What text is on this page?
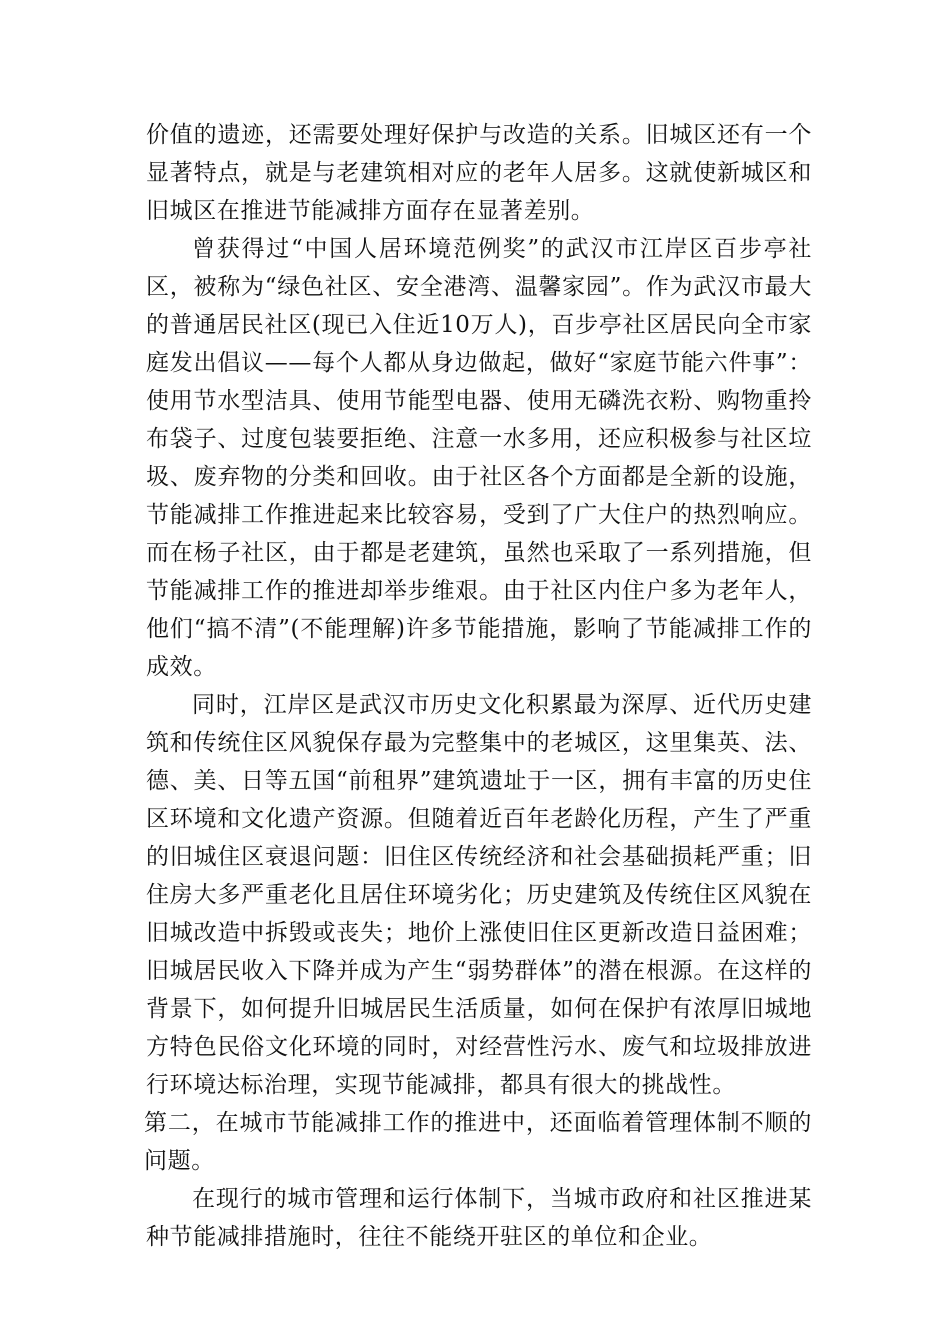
价值的遗迹，还需要处理好保护与改造的关系。旧城区还有一个显著特点，就是与老建筑相对应的老年人居多。这就使新城区和旧城区在推进节能减排方面存在显著差别。

曾获得过“中国人居环境范例奖”的武汉市江岸区百步亭社区，被称为“绿色社区、安全港湾、温馨家园”。作为武汉市最大的普通居民社区(现已入住近10万人)，百步亭社区居民向全市家庭发出倡议——每个人都从身边做起，做好“家庭节能六件事”：使用节水型洁具、使用节能型电器、使用无磷洗衣粉、购物重拎布袋子、过度包装要拒绝、注意一水多用，还应积极参与社区垃圾、废弃物的分类和回收。由于社区各个方面都是全新的设施，节能减排工作推进起来比较容易，受到了广大住户的热烈响应。而在杨子社区，由于都是老建筑，虽然也采取了一系列措施，但节能减排工作的推进却举步维艰。由于社区内住户多为老年人，他们“搞不清”(不能理解)许多节能措施，影响了节能减排工作的成效。

同时，江岸区是武汉市历史文化积累最为深厚、近代历史建筑和传统住区风貌保存最为完整集中的老城区，这里集英、法、德、美、日等五国“前租界”建筑遗址于一区，拥有丰富的历史住区环境和文化遗产资源。但随着近百年老龄化历程，产生了严重的旧城住区衰退问题：旧住区传统经济和社会基础损耗严重；旧住房大多严重老化且居住环境劣化；历史建筑及传统住区风貌在旧城改造中拆毁或丧失；地价上涨使旧住区更新改造日益困难；旧城居民收入下降并成为产生“弱势群体”的潜在根源。在这样的背景下，如何提升旧城居民生活质量，如何在保护有浓厚旧城地方特色民俗文化环境的同时，对经营性污水、废气和垃圾排放进行环境达标治理，实现节能减排，都具有很大的挑战性。

第二，在城市节能减排工作的推进中，还面临着管理体制不顺的问题。

在现行的城市管理和运行体制下，当城市政府和社区推进某种节能减排措施时，往往不能绕开驻区的单位和企业。
